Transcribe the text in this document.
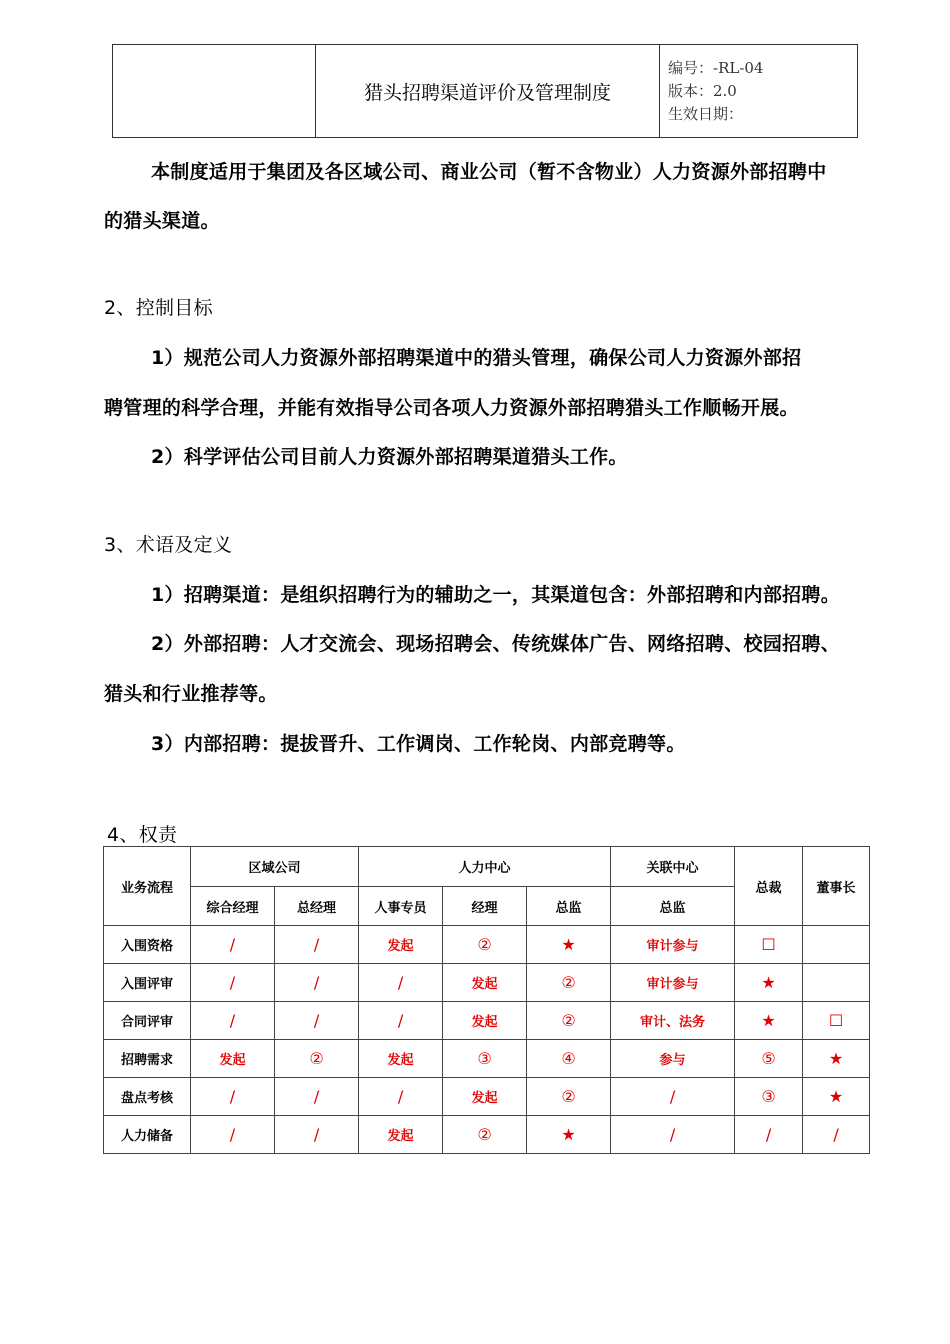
猎头招聘渠道评价及管理制度
编号：-RL-04
版本：2.0
生效日期：
本制度适用于集团及各区域公司、商业公司（暂不含物业）人力资源外部招聘中
的猎头渠道。
2、控制目标
1）规范公司人力资源外部招聘渠道中的猎头管理，确保公司人力资源外部招
聘管理的科学合理，并能有效指导公司各项人力资源外部招聘猎头工作顺畅开展。
2）科学评估公司目前人力资源外部招聘渠道猎头工作。
3、术语及定义
1）招聘渠道：是组织招聘行为的辅助之一，其渠道包含：外部招聘和内部招聘。
2）外部招聘：人才交流会、现场招聘会、传统媒体广告、网络招聘、校园招聘、
猎头和行业推荐等。
3）内部招聘：提拔晋升、工作调岗、工作轮岗、内部竞聘等。
4、权责
业务流程	区域公司		人力中心			关联中心	总裁	董事长
	综合经理	总经理	人事专员	经理	总监	总监		
入围资格	/	/	发起	②	★	审计参与	☐	
入围评审	/	/	/	发起	②	审计参与	★	
合同评审	/	/	/	发起	②	审计、法务	★	☐
招聘需求	发起	②	发起	③	④	参与	⑤	★
盘点考核	/	/	/	发起	②	/	③	★
人力储备	/	/	发起	②	★	/	/	/
